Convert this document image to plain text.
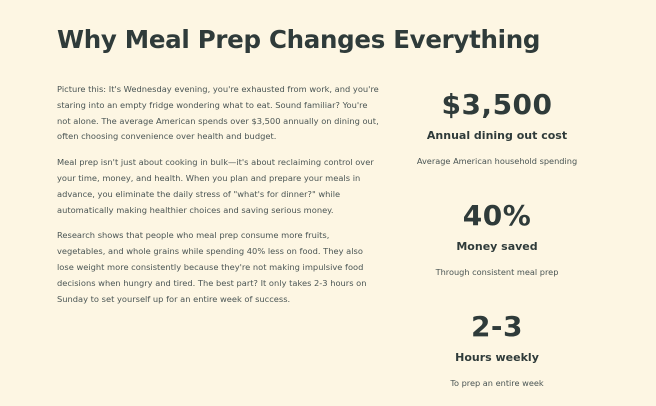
Why Meal Prep Changes Everything

Picture this: It's Wednesday evening, you're exhausted from work, and you're staring into an empty fridge wondering what to eat. Sound familiar? You're not alone. The average American spends over $3,500 annually on dining out, often choosing convenience over health and budget.

Meal prep isn't just about cooking in bulk—it's about reclaiming control over your time, money, and health. When you plan and prepare your meals in advance, you eliminate the daily stress of "what's for dinner?" while automatically making healthier choices and saving serious money.

Research shows that people who meal prep consume more fruits, vegetables, and whole grains while spending 40% less on food. They also lose weight more consistently because they're not making impulsive food decisions when hungry and tired. The best part? It only takes 2-3 hours on Sunday to set yourself up for an entire week of success.

$3,500
Annual dining out cost
Average American household spending
40%
Money saved
Through consistent meal prep
2-3
Hours weekly
To prep an entire week
